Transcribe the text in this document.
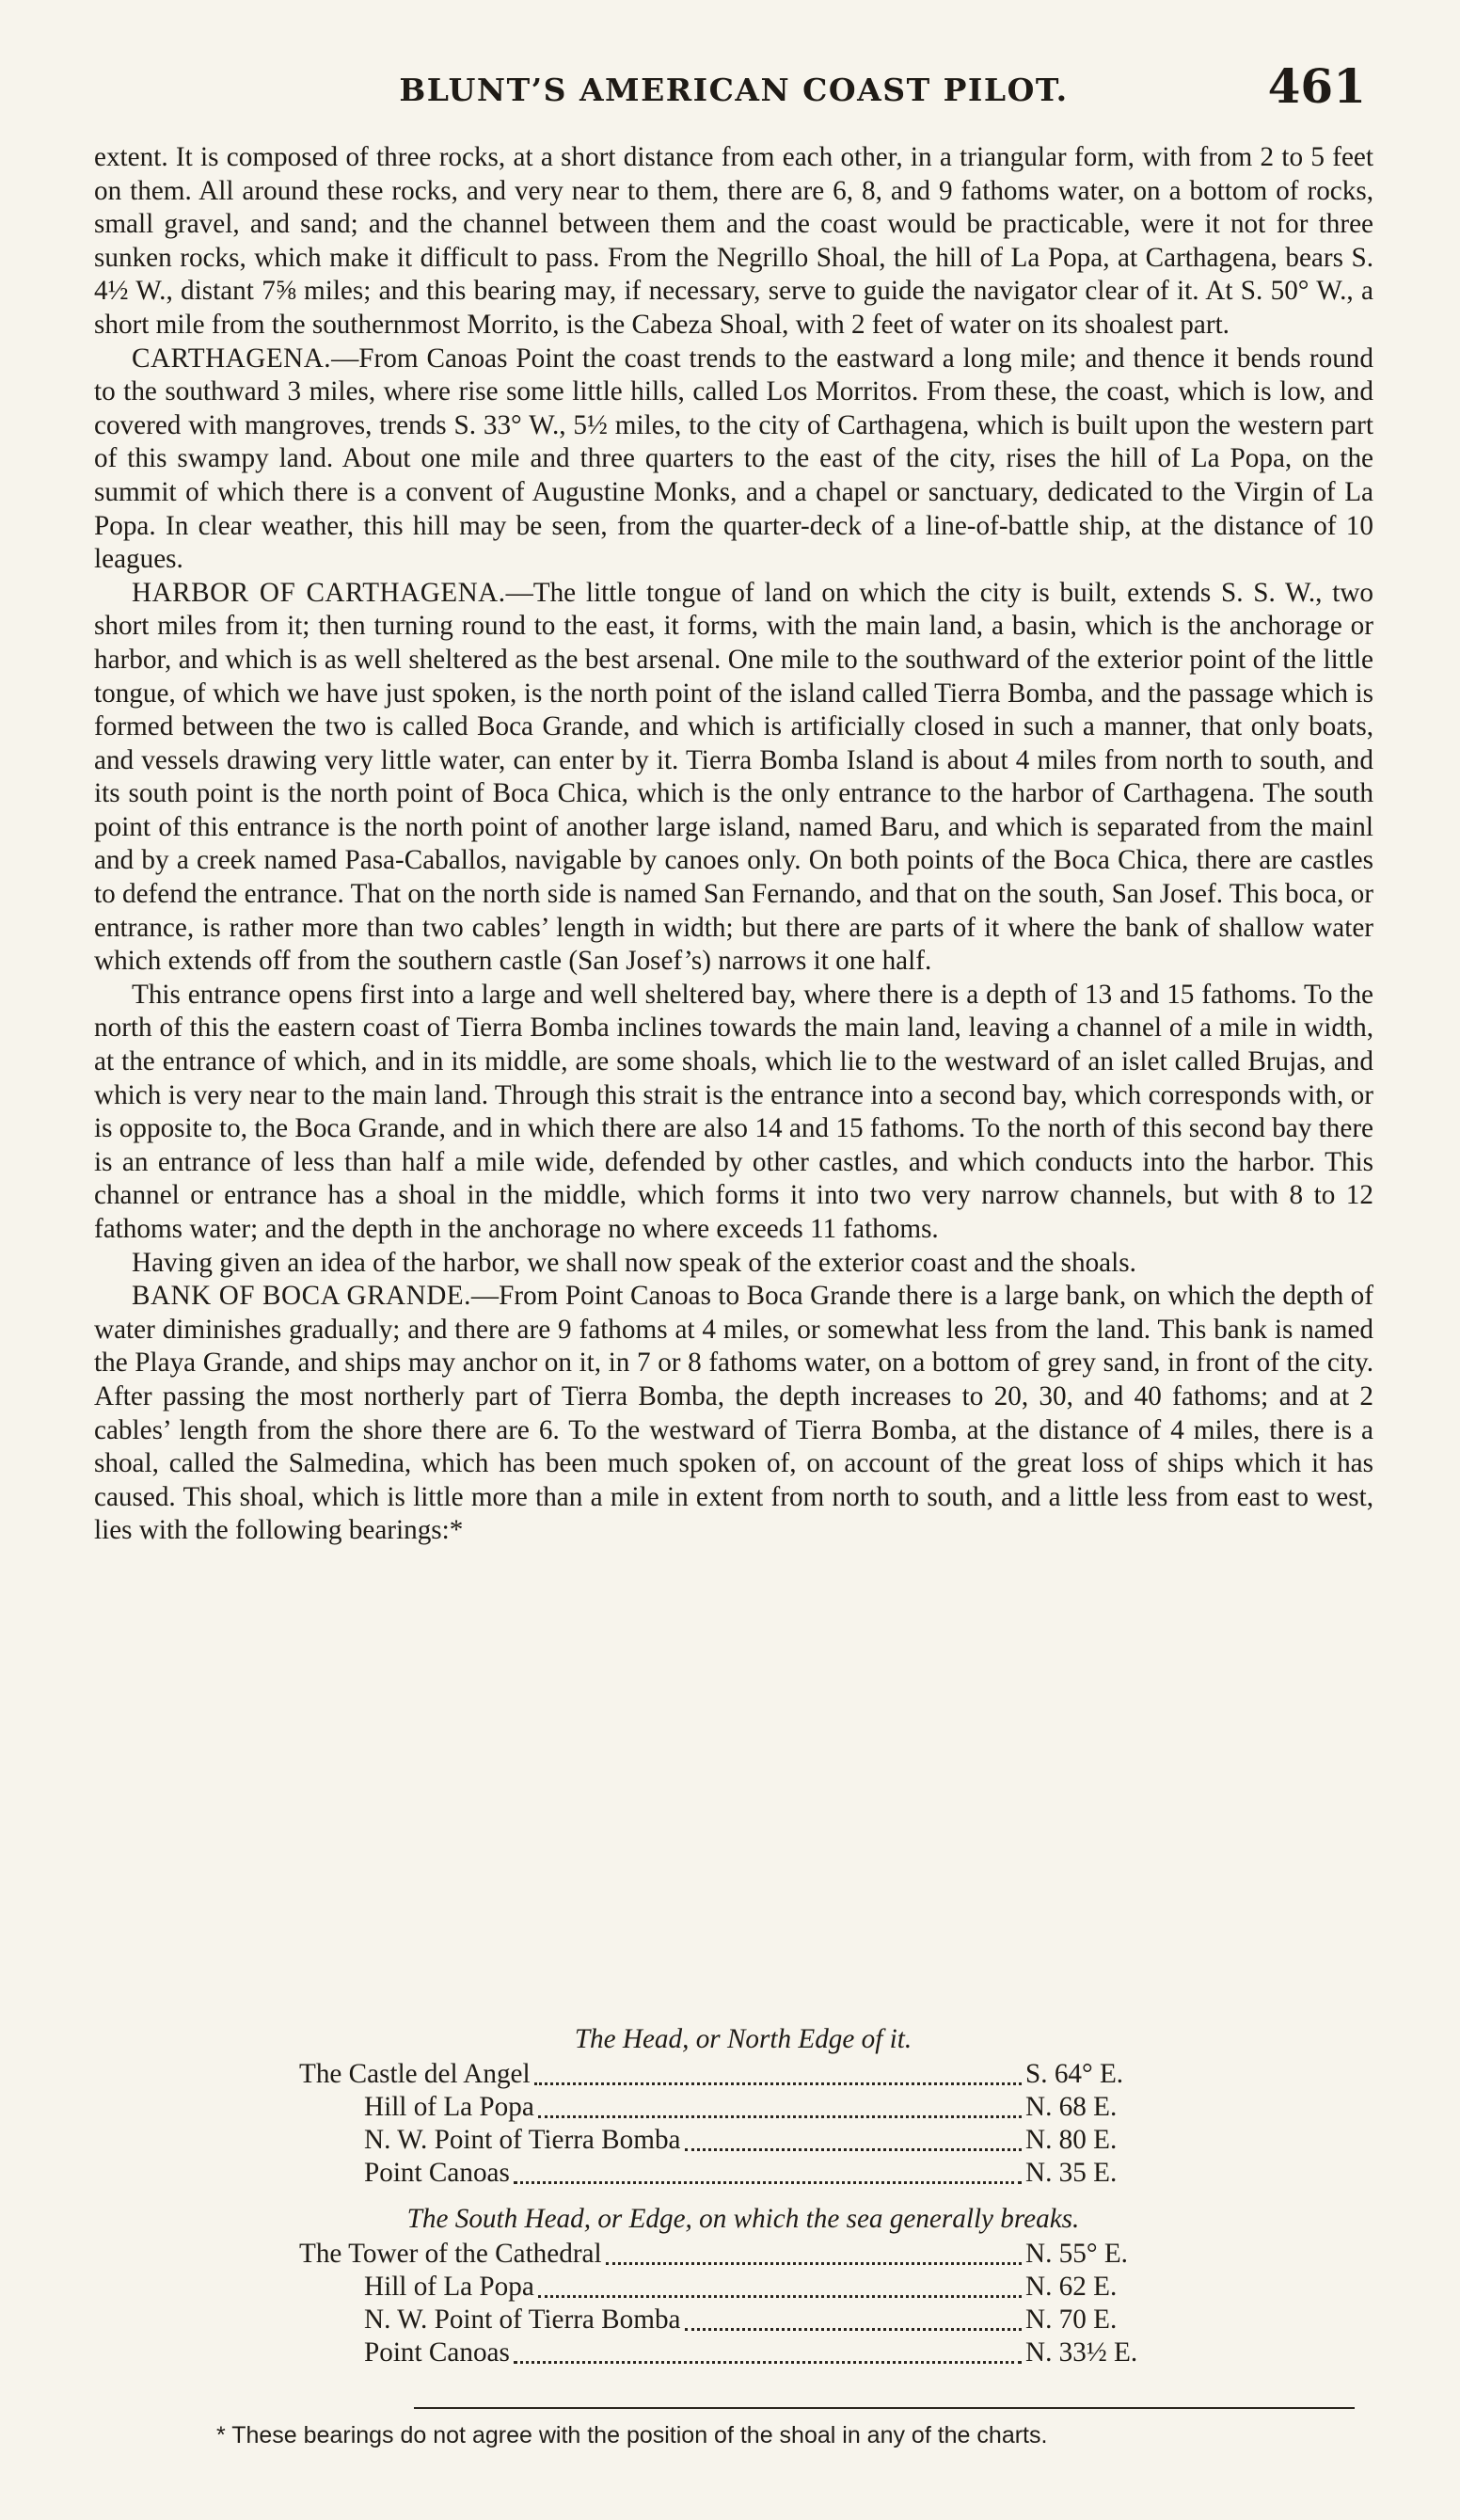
BLUNT’S AMERICAN COAST PILOT.	461

extent. It is composed of three rocks, at a short distance from each other, in a triangular form, with from 2 to 5 feet on them. All around these rocks, and very near to them, there are 6, 8, and 9 fathoms water, on a bottom of rocks, small gravel, and sand; and the channel between them and the coast would be practicable, were it not for three sunken rocks, which make it difficult to pass. From the Negrillo Shoal, the hill of La Popa, at Carthagena, bears S. 4½ W., distant 7⅝ miles; and this bearing may, if necessary, serve to guide the navigator clear of it. At S. 50° W., a short mile from the southernmost Morrito, is the Cabeza Shoal, with 2 feet of water on its shoalest part.

CARTHAGENA.—From Canoas Point the coast trends to the eastward a long mile; and thence it bends round to the southward 3 miles, where rise some little hills, called Los Morritos. From these, the coast, which is low, and covered with mangroves, trends S. 33° W., 5½ miles, to the city of Carthagena, which is built upon the western part of this swampy land. About one mile and three quarters to the east of the city, rises the hill of La Popa, on the summit of which there is a convent of Augustine Monks, and a chapel or sanctuary, dedicated to the Virgin of La Popa. In clear weather, this hill may be seen, from the quarter-deck of a line-of-battle ship, at the distance of 10 leagues.

HARBOR OF CARTHAGENA.—The little tongue of land on which the city is built, extends S. S. W., two short miles from it; then turning round to the east, it forms, with the main land, a basin, which is the anchorage or harbor, and which is as well sheltered as the best arsenal. One mile to the southward of the exterior point of the little tongue, of which we have just spoken, is the north point of the island called Tierra Bomba, and the passage which is formed between the two is called Boca Grande, and which is artificially closed in such a manner, that only boats, and vessels drawing very little water, can enter by it. Tierra Bomba Island is about 4 miles from north to south, and its south point is the north point of Boca Chica, which is the only entrance to the harbor of Carthagena. The south point of this entrance is the north point of another large island, named Baru, and which is separated from the mainl and by a creek named Pasa-Caballos, navigable by canoes only. On both points of the Boca Chica, there are castles to defend the entrance. That on the north side is named San Fernando, and that on the south, San Josef. This boca, or entrance, is rather more than two cables’ length in width; but there are parts of it where the bank of shallow water which extends off from the southern castle (San Josef’s) narrows it one half.

This entrance opens first into a large and well sheltered bay, where there is a depth of 13 and 15 fathoms. To the north of this the eastern coast of Tierra Bomba inclines towards the main land, leaving a channel of a mile in width, at the entrance of which, and in its middle, are some shoals, which lie to the westward of an islet called Brujas, and which is very near to the main land. Through this strait is the entrance into a second bay, which corresponds with, or is opposite to, the Boca Grande, and in which there are also 14 and 15 fathoms. To the north of this second bay there is an entrance of less than half a mile wide, defended by other castles, and which conducts into the harbor. This channel or entrance has a shoal in the middle, which forms it into two very narrow channels, but with 8 to 12 fathoms water; and the depth in the anchorage no where exceeds 11 fathoms.

Having given an idea of the harbor, we shall now speak of the exterior coast and the shoals.

BANK OF BOCA GRANDE.—From Point Canoas to Boca Grande there is a large bank, on which the depth of water diminishes gradually; and there are 9 fathoms at 4 miles, or somewhat less from the land. This bank is named the Playa Grande, and ships may anchor on it, in 7 or 8 fathoms water, on a bottom of grey sand, in front of the city. After passing the most northerly part of Tierra Bomba, the depth increases to 20, 30, and 40 fathoms; and at 2 cables’ length from the shore there are 6. To the westward of Tierra Bomba, at the distance of 4 miles, there is a shoal, called the Salmedina, which has been much spoken of, on account of the great loss of ships which it has caused. This shoal, which is little more than a mile in extent from north to south, and a little less from east to west, lies with the following bearings:*

The Head, or North Edge of it.
The Castle del Angel	S. 64° E.
Hill of La Popa	N. 68 E.
N. W. Point of Tierra Bomba	N. 80 E.
Point Canoas	N. 35 E.
The South Head, or Edge, on which the sea generally breaks.
The Tower of the Cathedral	N. 55° E.
Hill of La Popa	N. 62 E.
N. W. Point of Tierra Bomba	N. 70 E.
Point Canoas	N. 33½ E.
* These bearings do not agree with the position of the shoal in any of the charts.
